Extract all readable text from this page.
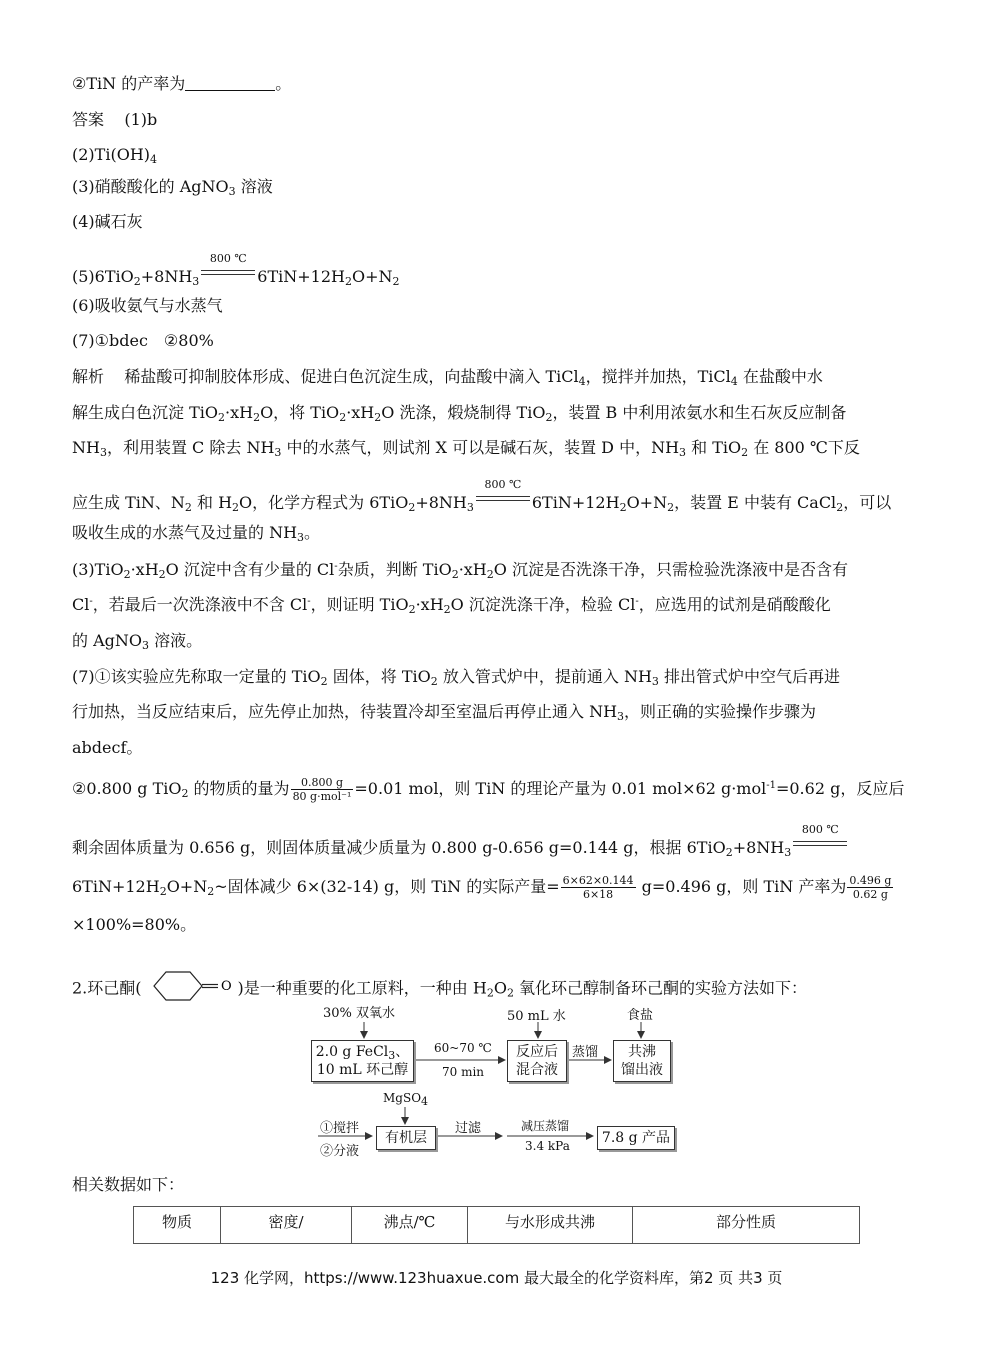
②TiN 的产率为	。
答案 (1)b
$(2)Ti(OH)_4$
(3)硝酸酸化的 AgNO$_3$ 溶液
(4)碱石灰
$(5)6TiO_2+8NH_3$
800 ℃
$6TiN+12H_2O+N_2$
(6)吸收氨气与水蒸气
(7)①bdec　②80%
解析 稀盐酸可抑制胶体形成、促进白色沉淀生成，向盐酸中滴入 TiCl$_4$，搅拌并加热，TiCl$_4$ 在盐酸中水
解生成白色沉淀 $TiO_2\cdot xH_2O$，将 $TiO_2\cdot xH_2O$ 洗涤，煅烧制得 TiO$_2$，装置 B 中利用浓氨水和生石灰反应制备
$NH_3$，利用装置 C 除去 $NH_3$ 中的水蒸气，则试剂 X 可以是碱石灰，装置 D 中，$NH_3$ 和 TiO$_2$ 在 800 ℃下反
应生成 TiN、$N_2$ 和 $H_2O$，化学方程式为 $6TiO_2+8NH_3$
800 ℃
$6TiN+12H_2O+N_2$，装置 E 中装有 CaCl$_2$，可以
吸收生成的水蒸气及过量的 $NH_3$。
$(3)TiO_2\cdot xH_2O$ 沉淀中含有少量的 Cl-杂质，判断 $TiO_2\cdot xH_2O$ 沉淀是否洗涤干净，只需检验洗涤液中是否含有
Cl-，若最后一次洗涤液中不含 Cl-，则证明 $TiO_2\cdot xH_2O$ 沉淀洗涤干净，检验 Cl-，应选用的试剂是硝酸酸化
的 AgNO$_3$ 溶液。
(7)①该实验应先称取一定量的 TiO$_2$ 固体，将 TiO$_2$ 放入管式炉中，提前通入 $NH_3$ 排出管式炉中空气后再进
行加热，当反应结束后，应先停止加热，待装置冷却至室温后再停止通入 $NH_3$，则正确的实验操作步骤为
abdecf。
②0.800 g TiO$_2$ 的物质的量为 $\frac{0.800 g}{\text{80 g·mol⁻¹}} =0.01$ mol，则 TiN 的理论产量为 0.01 mol×62 g·mol$^{-1}$=0.62 g，反应后
剩余固体质量为 0.656 g，则固体质量减少质量为 0.800 g-0.656 g=0.144 g，根据 $6TiO_2+8NH_3$
800 ℃
$6TiN+12H_2O+N_2\sim$固体减少 6×(32-14) g，则 TiN 的实际产量= $\frac{6\times 62\times 0.144}{6\times 18} g=0.496$ g，则 TiN 产率为 $\frac{0.496 g}{0.62 g}$
×100%=80%。
2.环己酮(	O )是一种重要的化工原料，一种由 $H_2O_2$ 氧化环己醇制备环己酮的实验方法如下：
30% 双氧水
2.0 g FeCl$_3$、
10 mL 环己醇
60~70 ℃
70 min
50 mL 水
反应后
混合液
蒸馏
食盐
共沸
馏出液
①搅拌
②分液
MgSO$_4$
有机层
过滤	减压蒸馏
3.4 kPa	7.8 g 产品
相关数据如下：
物质	密度/	沸点/℃	与水形成共沸	部分性质
123 化学网，https://www.123huaxue.com 最大最全的化学资料库，第2 页 共3 页
